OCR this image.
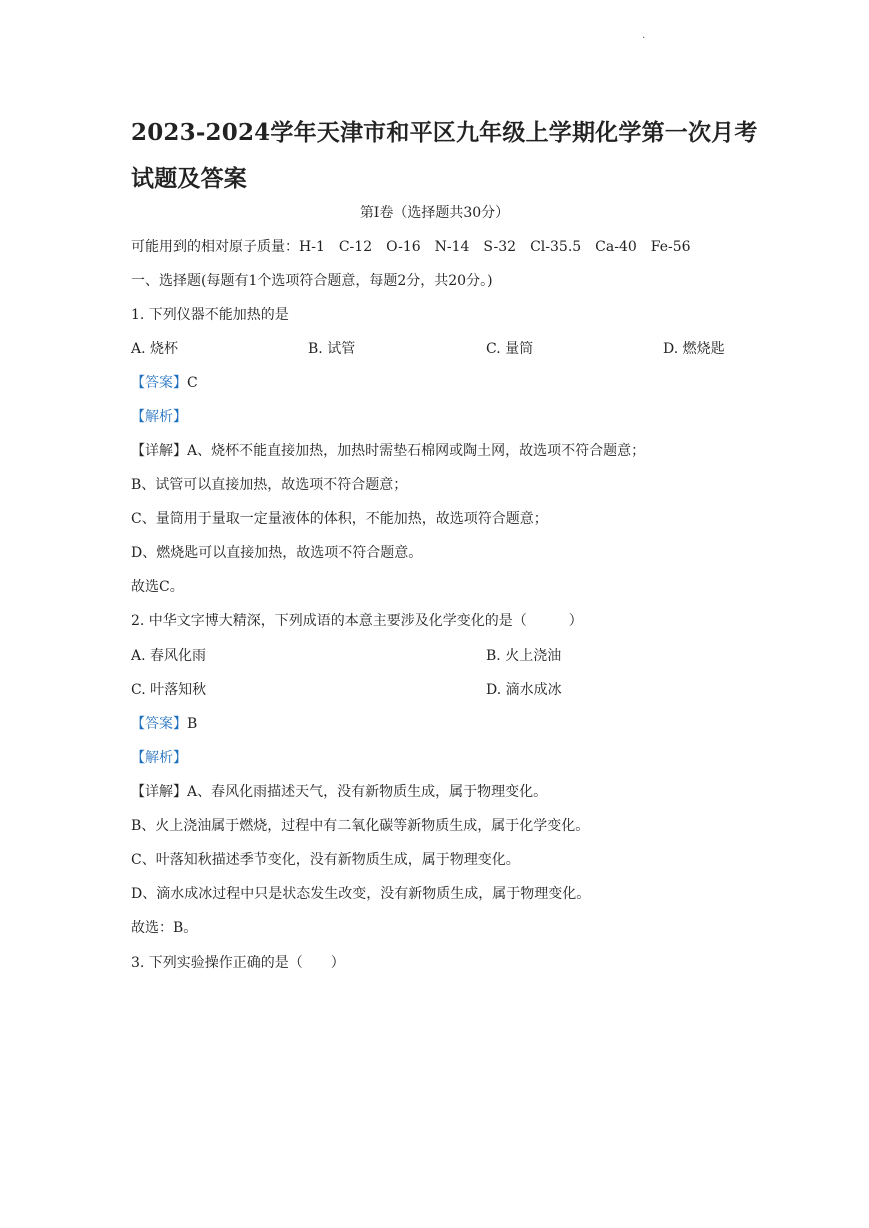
.
2023-2024学年天津市和平区九年级上学期化学第一次月考
试题及答案
第Ⅰ卷（选择题共30分）
可能用到的相对原子质量：H-1　C-12　O-16　N-14　S-32　Cl-35.5　Ca-40　Fe-56
一、选择题(每题有1个选项符合题意，每题2分，共20分。)
1. 下列仪器不能加热的是
A. 烧杯	B. 试管	C. 量筒	D. 燃烧匙
【答案】C
【解析】
【详解】A、烧杯不能直接加热，加热时需垫石棉网或陶土网，故选项不符合题意；
B、试管可以直接加热，故选项不符合题意；
C、量筒用于量取一定量液体的体积，不能加热，故选项符合题意；
D、燃烧匙可以直接加热，故选项不符合题意。
故选C。
2. 中华文字博大精深，下列成语的本意主要涉及化学变化的是（　　　）
A. 春风化雨	B. 火上浇油
C. 叶落知秋	D. 滴水成冰
【答案】B
【解析】
【详解】A、春风化雨描述天气，没有新物质生成，属于物理变化。
B、火上浇油属于燃烧，过程中有二氧化碳等新物质生成，属于化学变化。
C、叶落知秋描述季节变化，没有新物质生成，属于物理变化。
D、滴水成冰过程中只是状态发生改变，没有新物质生成，属于物理变化。
故选：B。
3. 下列实验操作正确的是（　　）
